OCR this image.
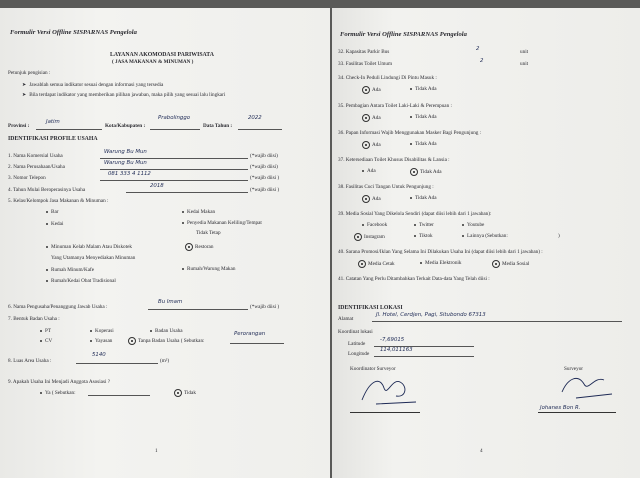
Formulir Versi Offline SISPARNAS Pengelola
LAYANAN AKOMODASI PARIWISATA
( JASA MAKANAN & MINUMAN )
Petunjuk pengisian :
➤ Jawablah semua indikator sesuai dengan informasi yang tersedia
➤ Bila terdapat indikator yang memberikan pilihan jawaban, maka pilih yang sesuai lalu lingkari
Provinsi :
Jatim
Kota/Kabupaten :
Prabolinggo
Data Tahun :
2022
IDENTIFIKASI PROFILE USAHA
1. Nama Komersial Usaha
Warung Bu Mun
(*wajib diisi)
2. Nama Perusahaan/Usaha
Warung Bu Mun
(*wajib diisi)
3. Nomor Telepon
081 333 4 1112
(*wajib diisi )
4. Tahun Mulai Beroperasinya Usaha
2018
(*wajib diisi )
5. Kelas/Kelompok Jasa Makanan & Minuman :
Bar
Kedai
Kedai Makan
Penyedia Makanan Keliling/Tempat
Tidak Tetap
Minuman Kelab Malam Atau Diskotek
Yang Utamanya Menyediakan Minuman
Rumah Minum/Kafe
Rumah/Kedai Obat Tradisional
Restoran
Rumah/Warung Makan
6. Nama Pengusaha/Penanggung Jawab Usaha :
Bu Imam
(*wajib diisi )
7. Bentuk Badan Usaha :
PT	Koperasi	Badan Usaha
CV	Yayasan	Tanpa Badan Usaha ( Sebutkan:
Perorangan
8. Luas Area Usaha :
5140
(m²)
9. Apakah Usaha Ini Menjadi Anggota Asosiasi ?
Ya ( Sebutkan:	Tidak
1
Formulir Versi Offline SISPARNAS Pengelola
32. Kapasitas Parkir Bus	2	unit
33. Fasilitas Toilet Umum	2	unit
34. Check-In Peduli Lindungi Di Pintu Masuk :
Ada	Tidak Ada
35. Pembagian Antara Toilet Laki-Laki & Perempuan :
Ada	Tidak Ada
36. Papan Informasi Wajib Menggunakan Masker Bagi Pengunjung :
Ada	Tidak Ada
37. Ketersediaan Toilet Khusus Disabilitas & Lansia :
Ada	Tidak Ada
38. Fasilitas Cuci Tangan Untuk Pengunjung :
Ada	Tidak Ada
39. Media Sosial Yang Dikelola Sendiri (dapat diisi lebih dari 1 jawaban):
Facebook	Twitter	Youtube
Instagram	Tiktok	Lainnya (Sebutkan:	)
40. Sarana Promosi/Iklan Yang Selama Ini Dilakukan Usaha Ini (dapat diisi lebih dari 1 jawaban) :
Media Cetak	Media Elektronik	Media Sosial
41. Catatan Yang Perlu Ditambahkan Terkait Data-data Yang Telah diisi :
IDENTIFIKASI LOKASI
Alamat
Jl. Hotel, Cerdjen, Pagi, Situbondo 67313
Koordinat lokasi
Latitude
-7,69015
Longitude
114,011163
Koordinator Surveyor	Surveyor
Johanes Bon R.
4
